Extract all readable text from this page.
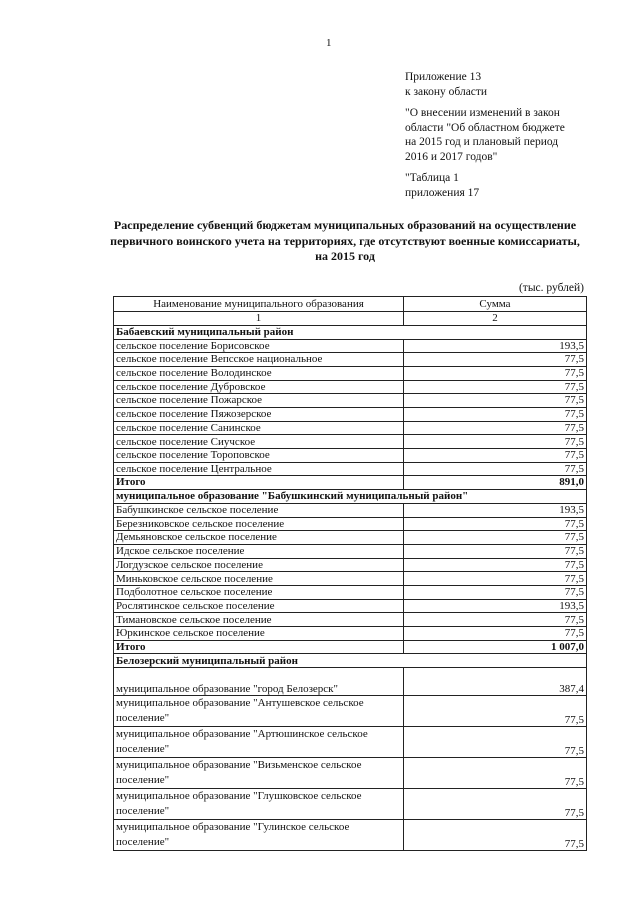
1
Приложение 13
к закону области
"О внесении изменений в закон
области "Об областном бюджете
на 2015 год и плановый период
2016 и 2017 годов"
"Таблица 1
приложения 17
Распределение субвенций бюджетам муниципальных образований на осуществление первичного воинского учета на территориях, где отсутствуют военные комиссариаты, на 2015 год
(тыс. рублей)
Наименование муниципального образования	Сумма
1	2
Бабаевский муниципальный район	
сельское поселение Борисовское	193,5
сельское поселение Вепсское национальное	77,5
сельское поселение Володинское	77,5
сельское поселение Дубровское	77,5
сельское поселение Пожарское	77,5
сельское поселение Пяжозерское	77,5
сельское поселение Санинское	77,5
сельское поселение Сиучское	77,5
сельское поселение Тороповское	77,5
сельское поселение Центральное	77,5
Итого	891,0
муниципальное образование "Бабушкинский муниципальный район"	
Бабушкинское сельское поселение	193,5
Березниковское сельское поселение	77,5
Демьяновское сельское поселение	77,5
Идское сельское поселение	77,5
Логдузское сельское поселение	77,5
Миньковское сельское поселение	77,5
Подболотное сельское поселение	77,5
Рослятинское сельское поселение	193,5
Тимановское сельское поселение	77,5
Юркинское сельское поселение	77,5
Итого	1 007,0
Белозерский муниципальный район	
муниципальное образование "город Белозерск"	387,4
муниципальное образование "Антушевское сельское поселение"	77,5
муниципальное образование "Артюшинское сельское поселение"	77,5
муниципальное образование "Визьменское сельское поселение"	77,5
муниципальное образование "Глушковское сельское поселение"	77,5
муниципальное образование "Гулинское сельское поселение"	77,5
